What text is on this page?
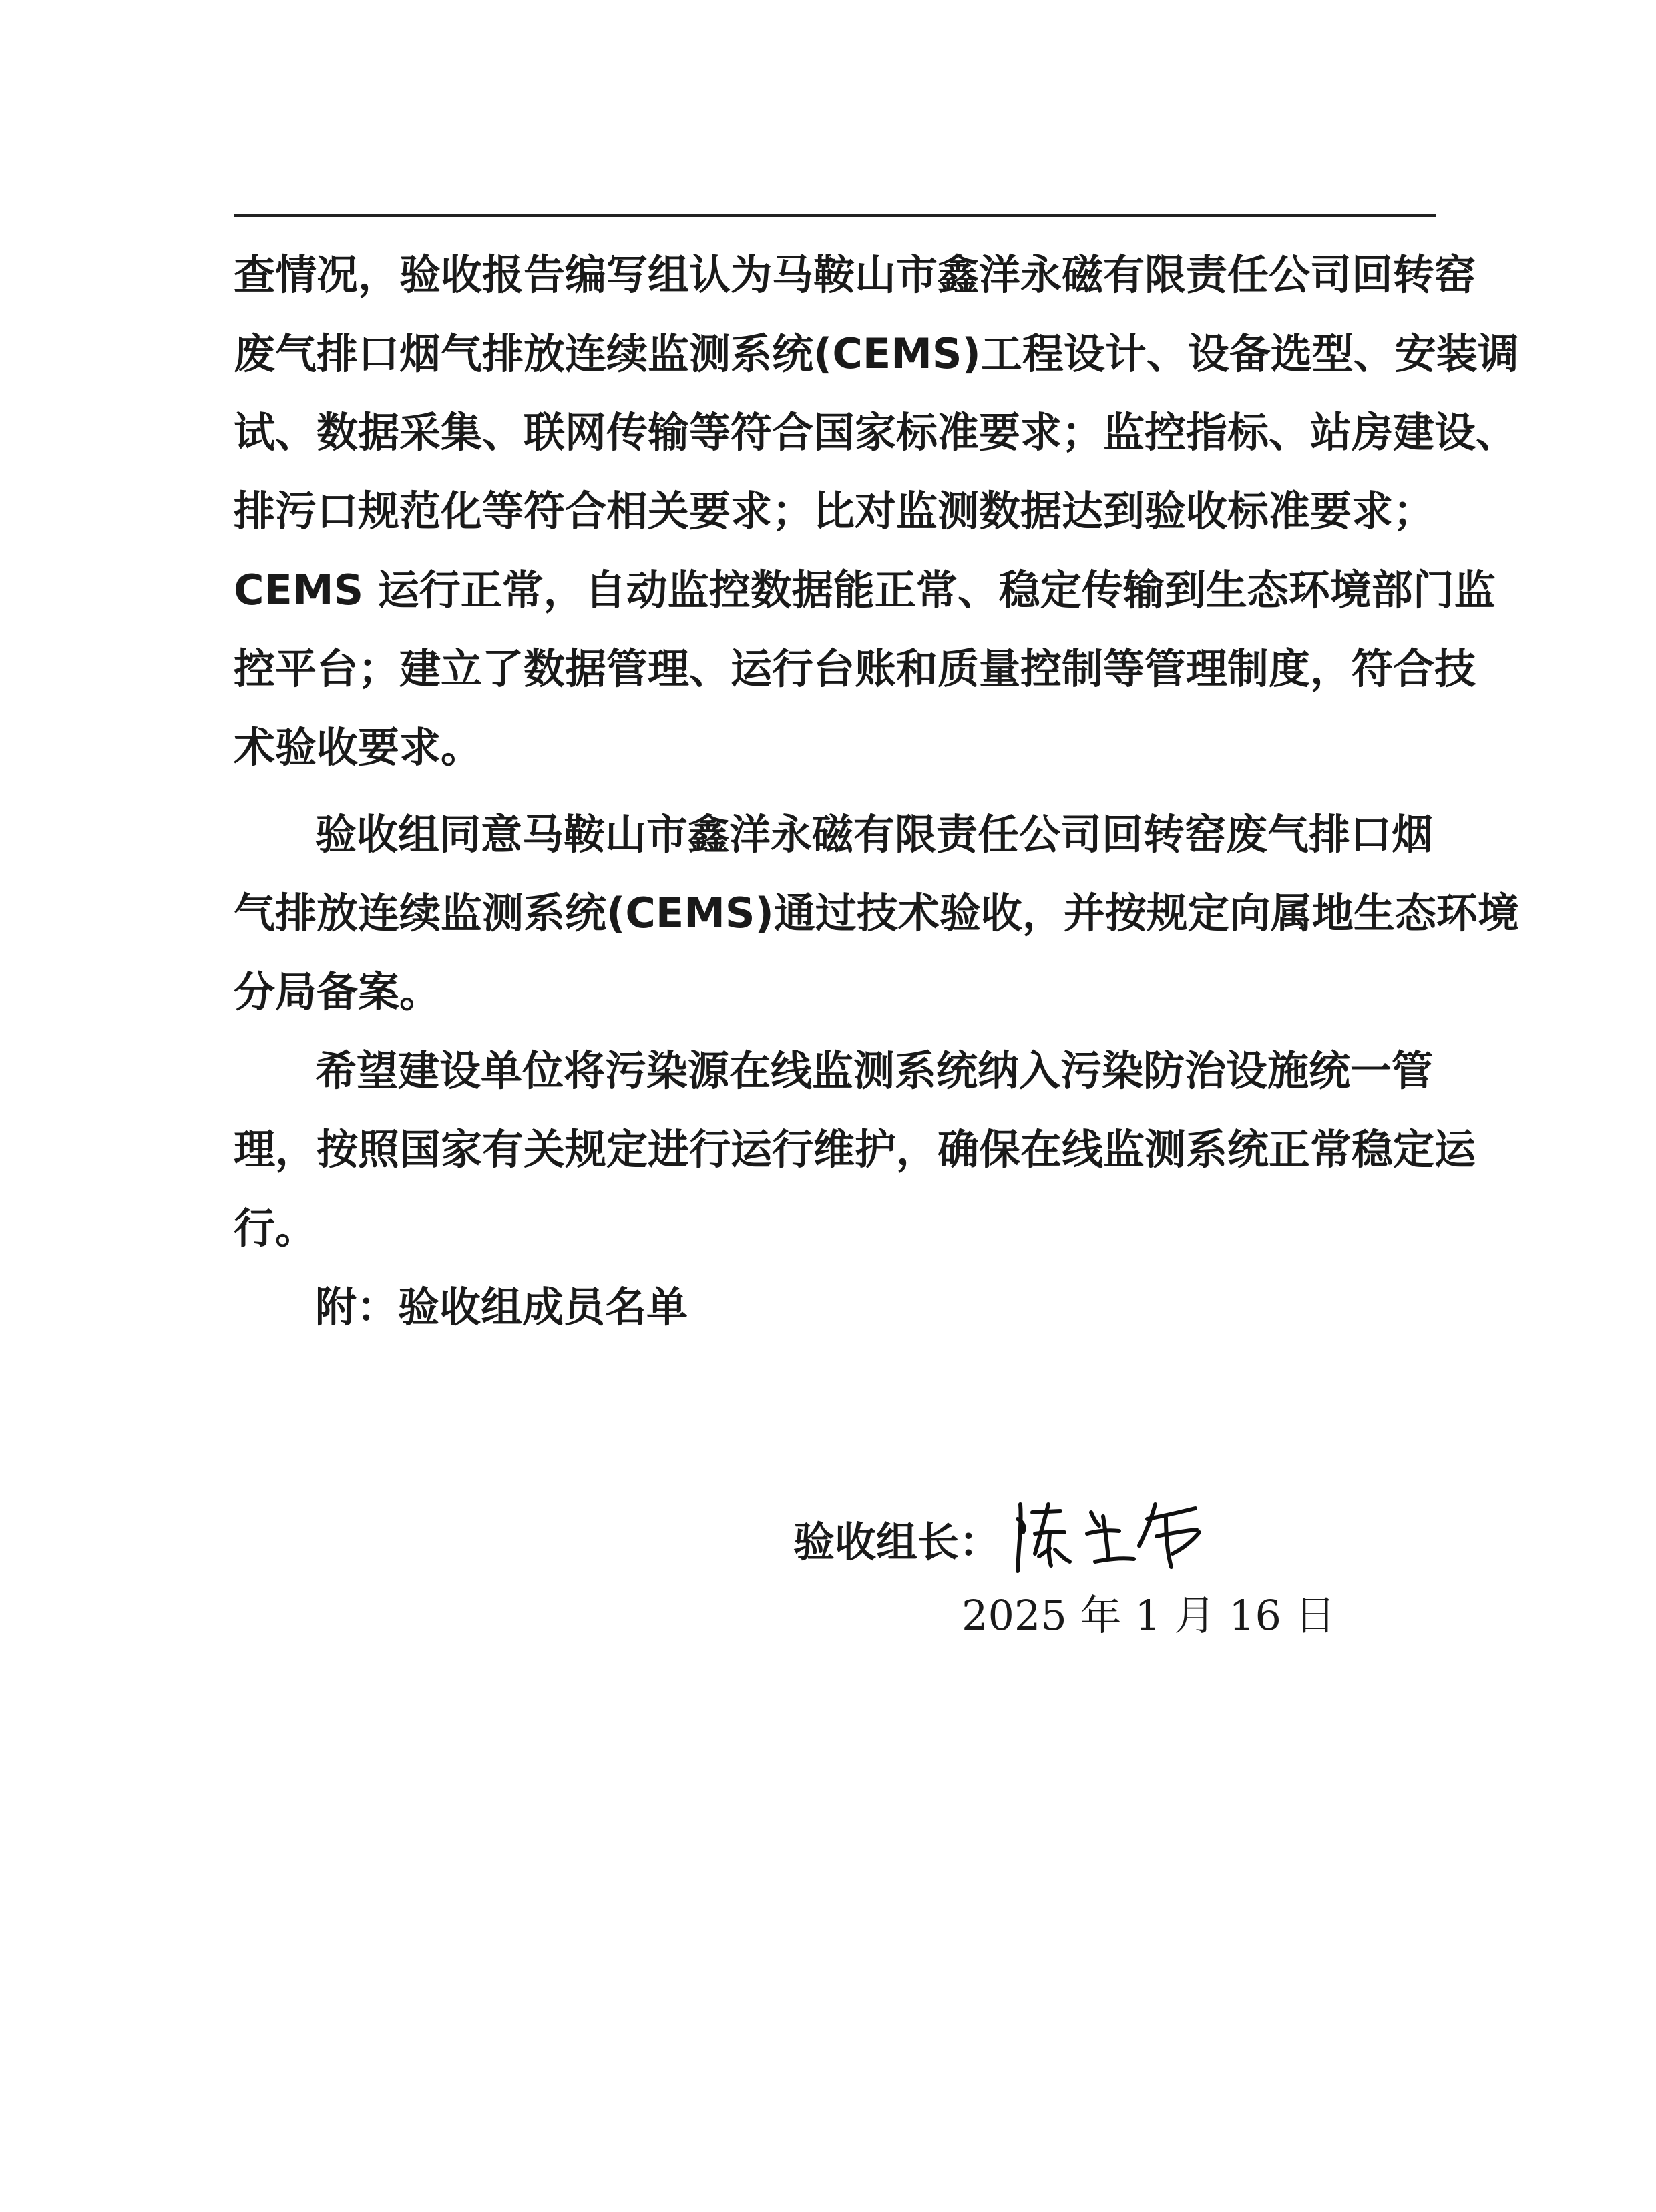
查情况，验收报告编写组认为马鞍山市鑫洋永磁有限责任公司回转窑
废气排口烟气排放连续监测系统(CEMS)工程设计、设备选型、安装调
试、数据采集、联网传输等符合国家标准要求；监控指标、站房建设、
排污口规范化等符合相关要求；比对监测数据达到验收标准要求；
CEMS 运行正常，自动监控数据能正常、稳定传输到生态环境部门监
控平台；建立了数据管理、运行台账和质量控制等管理制度，符合技
术验收要求。
验收组同意马鞍山市鑫洋永磁有限责任公司回转窑废气排口烟
气排放连续监测系统(CEMS)通过技术验收，并按规定向属地生态环境
分局备案。
希望建设单位将污染源在线监测系统纳入污染防治设施统一管
理，按照国家有关规定进行运行维护，确保在线监测系统正常稳定运
行。
附：验收组成员名单
验收组长：
2025 年 1 月 16 日
